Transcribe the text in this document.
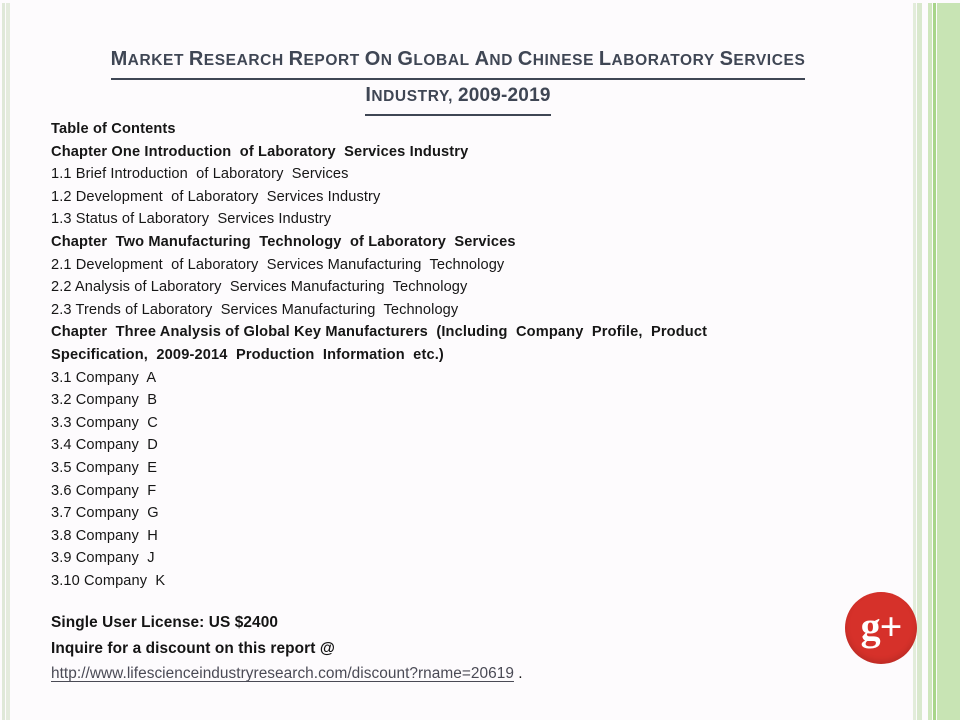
MARKET RESEARCH REPORT ON GLOBAL AND CHINESE LABORATORY SERVICES
INDUSTRY, 2009-2019
Table of Contents
Chapter One Introduction  of Laboratory  Services Industry
1.1 Brief Introduction  of Laboratory  Services
1.2 Development  of Laboratory  Services Industry
1.3 Status of Laboratory  Services Industry
Chapter  Two Manufacturing  Technology  of Laboratory  Services
2.1 Development  of Laboratory  Services Manufacturing  Technology
2.2 Analysis of Laboratory  Services Manufacturing  Technology
2.3 Trends of Laboratory  Services Manufacturing  Technology
Chapter  Three Analysis of Global Key Manufacturers  (Including  Company  Profile,  Product
Specification,  2009-2014  Production  Information  etc.)
3.1 Company  A
3.2 Company  B
3.3 Company  C
3.4 Company  D
3.5 Company  E
3.6 Company  F
3.7 Company  G
3.8 Company  H
3.9 Company  J
3.10 Company  K
Single User License: US $2400
Inquire for a discount on this report @
http://www.lifescienceindustryresearch.com/discount?rname=20619 .
g+
